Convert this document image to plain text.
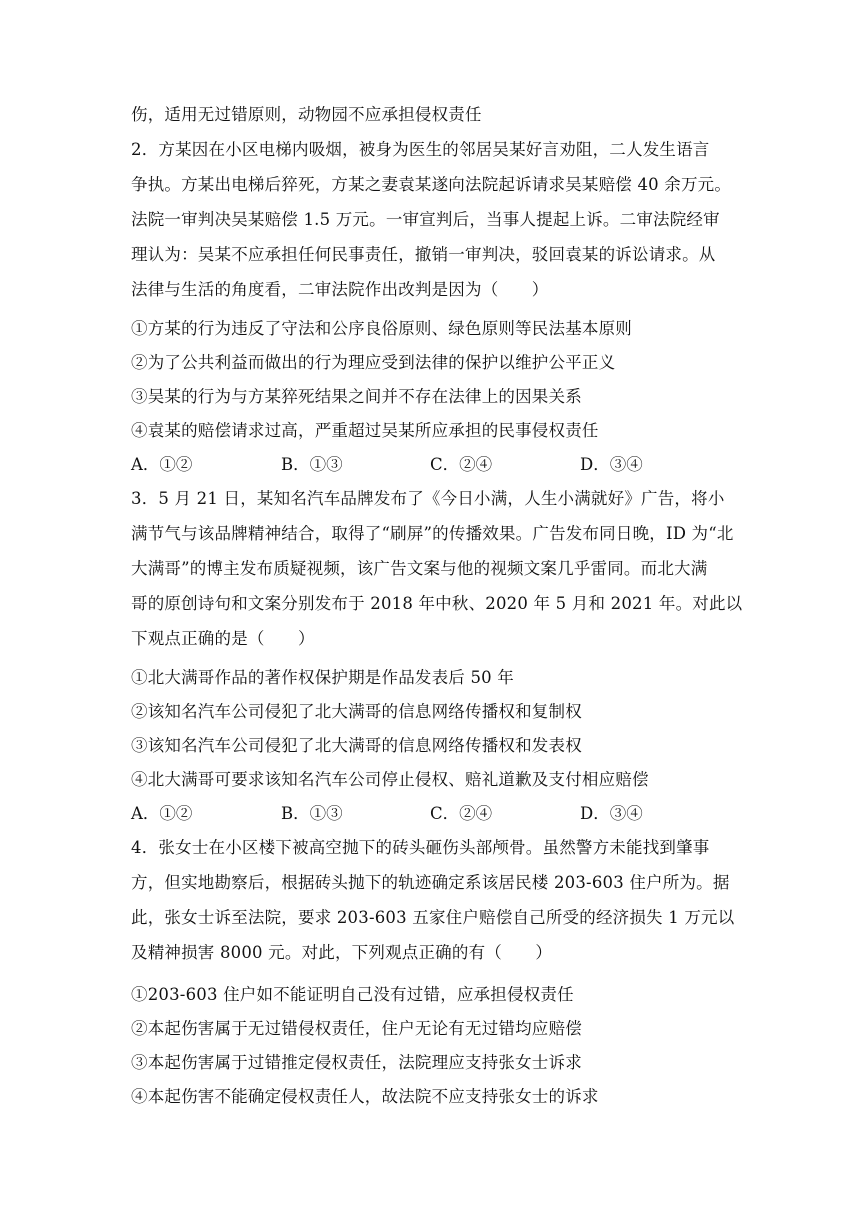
伤，适用无过错原则，动物园不应承担侵权责任
2．方某因在小区电梯内吸烟，被身为医生的邻居吴某好言劝阻，二人发生语言
争执。方某出电梯后猝死，方某之妻袁某遂向法院起诉请求吴某赔偿 40 余万元。
法院一审判决吴某赔偿 1.5 万元。一审宣判后，当事人提起上诉。二审法院经审
理认为：吴某不应承担任何民事责任，撤销一审判决，驳回袁某的诉讼请求。从
法律与生活的角度看，二审法院作出改判是因为（　　）
①方某的行为违反了守法和公序良俗原则、绿色原则等民法基本原则
②为了公共利益而做出的行为理应受到法律的保护以维护公平正义
③吴某的行为与方某猝死结果之间并不存在法律上的因果关系
④袁某的赔偿请求过高，严重超过吴某所应承担的民事侵权责任
A．①②	B．①③	C．②④	D．③④
3．5 月 21 日，某知名汽车品牌发布了《今日小满，人生小满就好》广告，将小
满节气与该品牌精神结合，取得了“刷屏”的传播效果。广告发布同日晚，ID 为“北
大满哥”的博主发布质疑视频，该广告文案与他的视频文案几乎雷同。而北大满
哥的原创诗句和文案分别发布于 2018 年中秋、2020 年 5 月和 2021 年。对此以
下观点正确的是（　　）
①北大满哥作品的著作权保护期是作品发表后 50 年
②该知名汽车公司侵犯了北大满哥的信息网络传播权和复制权
③该知名汽车公司侵犯了北大满哥的信息网络传播权和发表权
④北大满哥可要求该知名汽车公司停止侵权、赔礼道歉及支付相应赔偿
A．①②	B．①③	C．②④	D．③④
4．张女士在小区楼下被高空抛下的砖头砸伤头部颅骨。虽然警方未能找到肇事
方，但实地勘察后，根据砖头抛下的轨迹确定系该居民楼 203-603 住户所为。据
此，张女士诉至法院，要求 203-603 五家住户赔偿自己所受的经济损失 1 万元以
及精神损害 8000 元。对此，下列观点正确的有（　　）
①203-603 住户如不能证明自己没有过错，应承担侵权责任
②本起伤害属于无过错侵权责任，住户无论有无过错均应赔偿
③本起伤害属于过错推定侵权责任，法院理应支持张女士诉求
④本起伤害不能确定侵权责任人，故法院不应支持张女士的诉求
